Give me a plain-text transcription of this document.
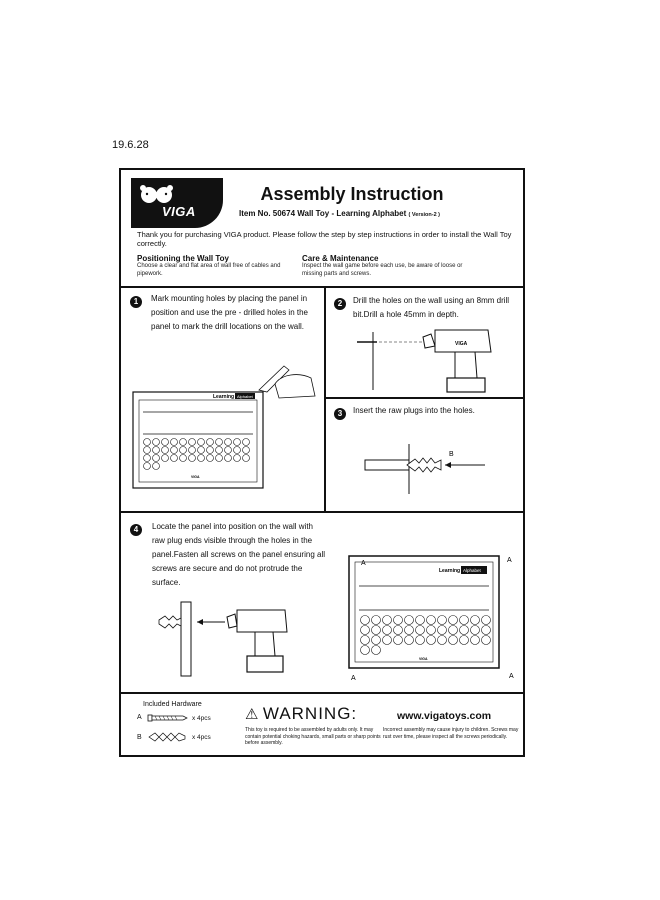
19.6.28
VIGA
Assembly Instruction
Item No. 50674 Wall Toy - Learning Alphabet ( Version-2 )
Thank you for purchasing VIGA product. Please follow the step by step instructions in order to install the Wall Toy correctly.
Positioning the Wall Toy
Choose a clear and flat area of wall free of cables and pipework.
Care & Maintenance
Inspect the wall game before each use, be aware of loose or missing parts and screws.
1	Mark mounting holes by placing the panel in position and use the pre - drilled holes in the panel to mark the drill locations on the wall.
Learning Alphabet
VIGA
2	Drill the holes on the wall using an 8mm drill bit.Drill a hole 45mm in depth.
VIGA
3	Insert the raw plugs into the holes.
B
4	Locate the panel into position on the wall with raw plug ends visible through the holes in the panel.Fasten all screws on the panel ensuring all screws are secure and do not protrude the surface.
Learning Alphabet
VIGA
A	A
A	A
Included Hardware
A	x 4pcs
B	x 4pcs
⚠ WARNING:
This toy is required to be assembled by adults only. It may contain potential choking hazards, small parts or sharp points before assembly.
www.vigatoys.com
Incorrect assembly may cause injury to children. Screws may rust over time, please inspect all the screws periodically.
